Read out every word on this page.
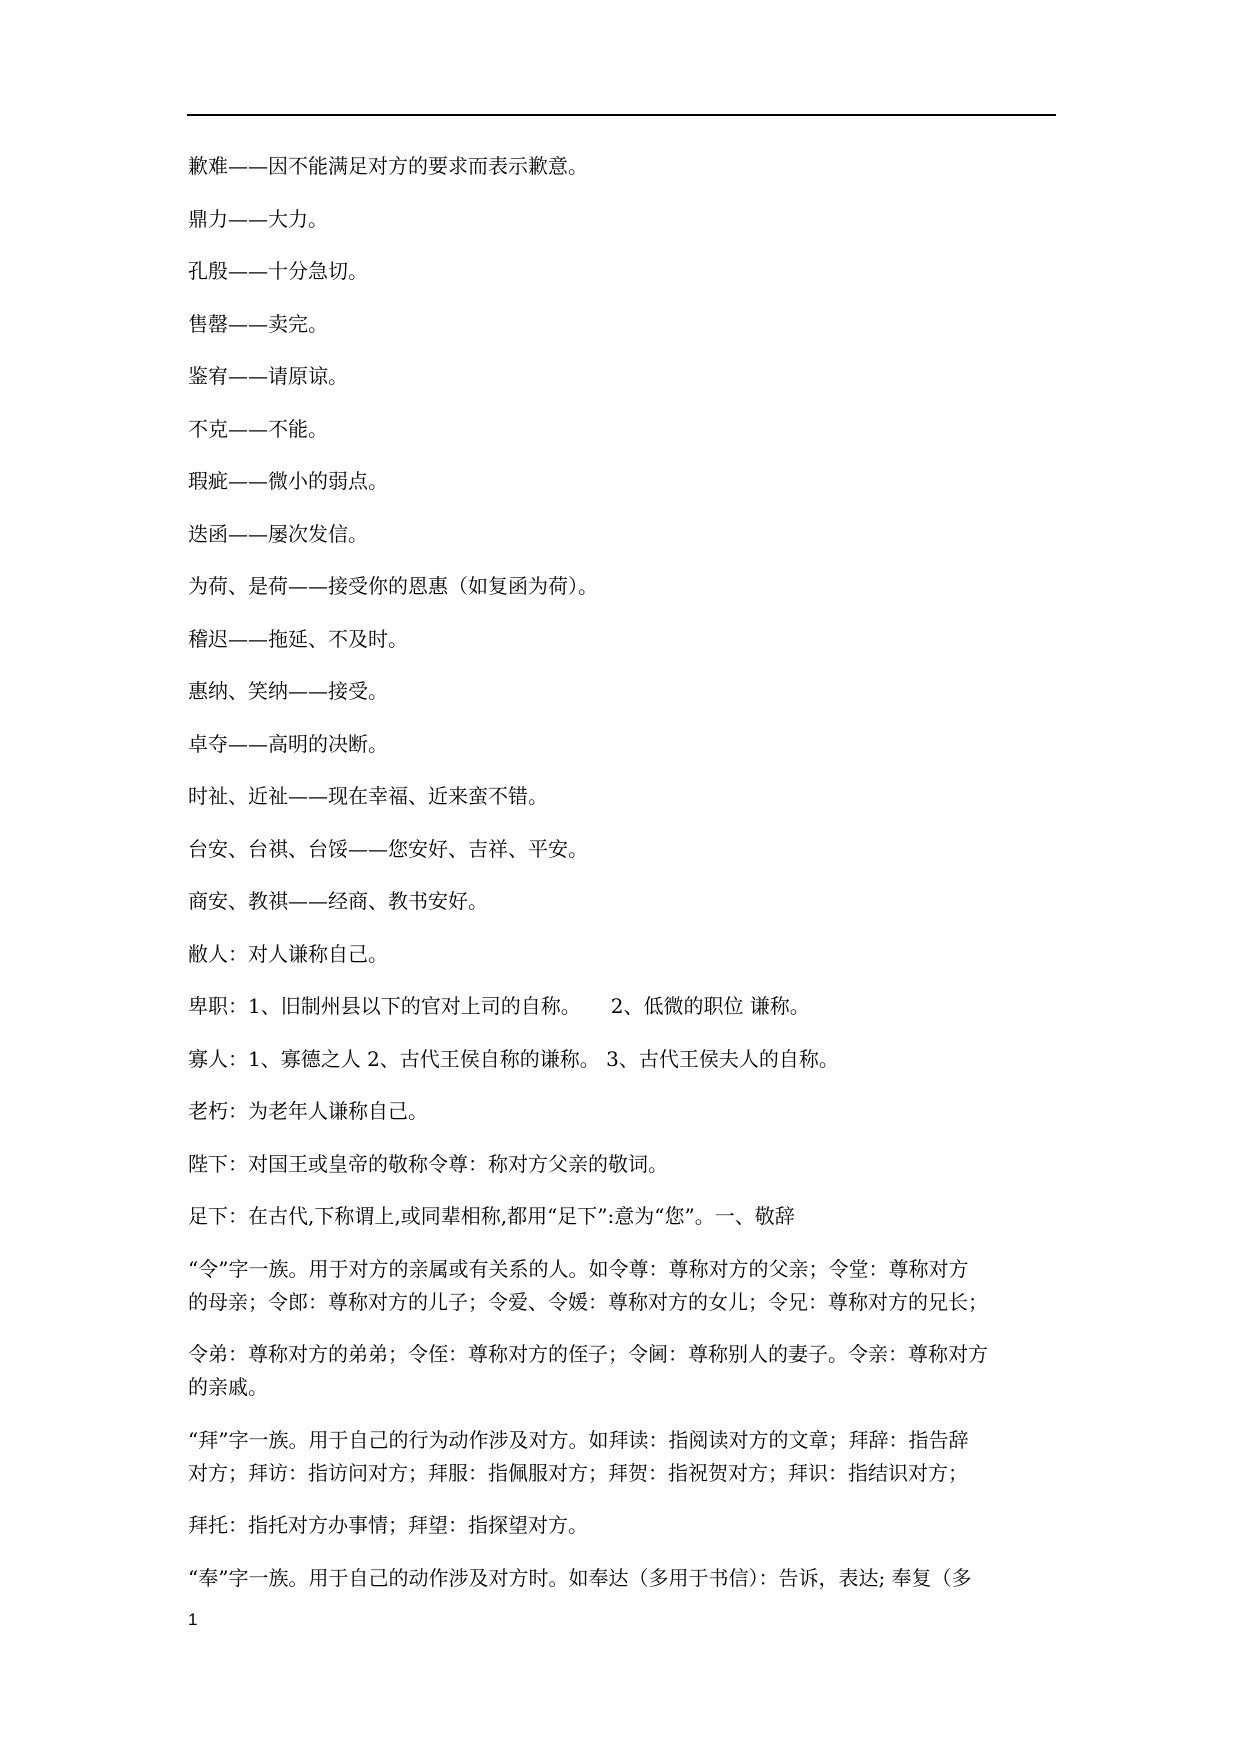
歉难——因不能满足对方的要求而表示歉意。
鼎力——大力。
孔殷——十分急切。
售罄——卖完。
鉴宥——请原谅。
不克——不能。
瑕疵——微小的弱点。
迭函——屡次发信。
为荷、是荷——接受你的恩惠（如复函为荷）。
稽迟——拖延、不及时。
惠纳、笑纳——接受。
卓夺——高明的决断。
时祉、近祉——现在幸福、近来蛮不错。
台安、台祺、台馁——您安好、吉祥、平安。
商安、教祺——经商、教书安好。
敝人：对人谦称自己。
卑职：1、旧制州县以下的官对上司的自称。　　2、低微的职位 谦称。
寡人：1、寡德之人 2、古代王侯自称的谦称。 3、古代王侯夫人的自称。
老朽：为老年人谦称自己。
陛下：对国王或皇帝的敬称令尊：称对方父亲的敬词。
足下：在古代,下称谓上,或同辈相称,都用“足下”:意为“您”。一、敬辞
“令”字一族。用于对方的亲属或有关系的人。如令尊：尊称对方的父亲；令堂：尊称对方
的母亲；令郎：尊称对方的儿子；令爱、令媛：尊称对方的女儿；令兄：尊称对方的兄长；
令弟：尊称对方的弟弟；令侄：尊称对方的侄子；令阃：尊称别人的妻子。令亲：尊称对方
的亲戚。
“拜”字一族。用于自己的行为动作涉及对方。如拜读：指阅读对方的文章；拜辞：指告辞
对方；拜访：指访问对方；拜服：指佩服对方；拜贺：指祝贺对方；拜识：指结识对方；
拜托：指托对方办事情；拜望：指探望对方。
“奉”字一族。用于自己的动作涉及对方时。如奉达（多用于书信）：告诉，表达; 奉复（多
1
